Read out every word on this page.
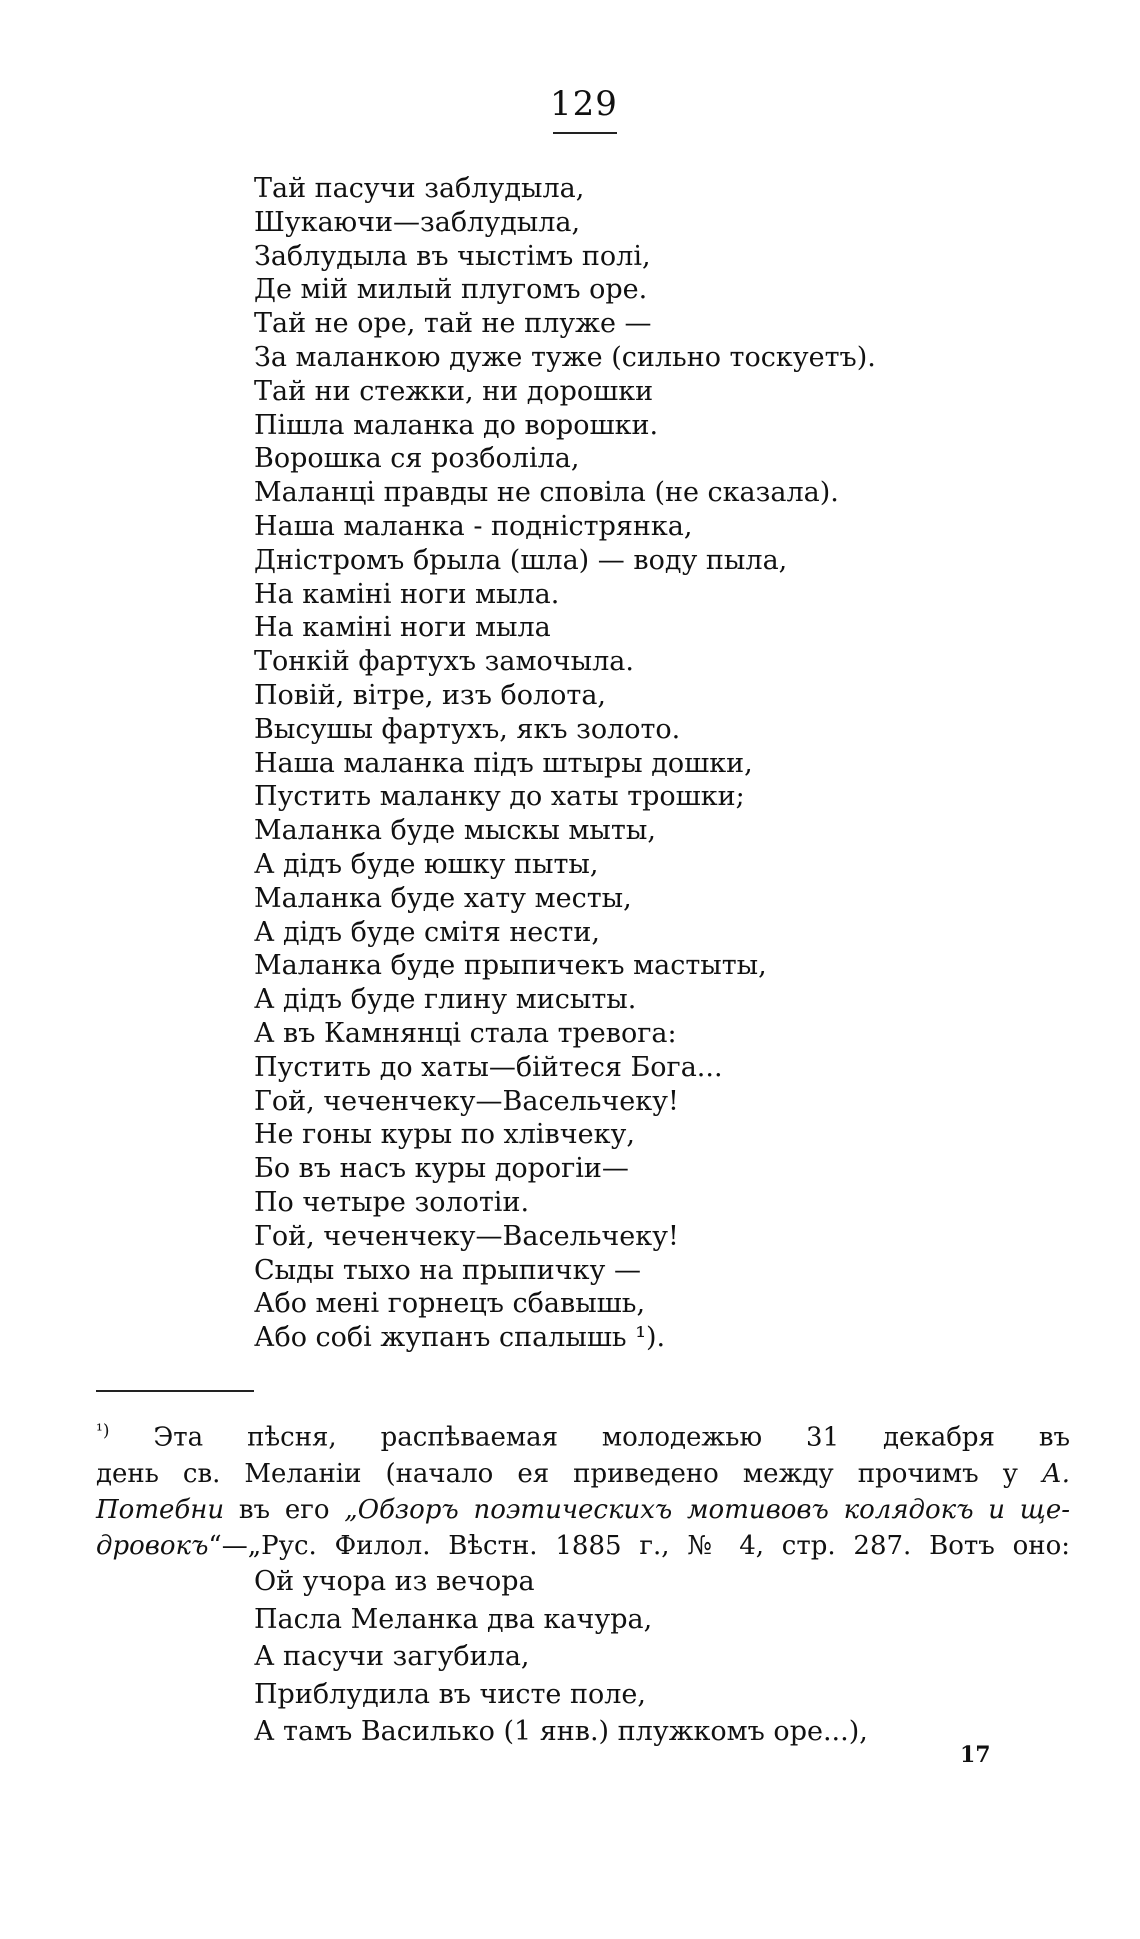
129
Тай пасучи заблудыла,
Шукаючи—заблудыла,
Заблудыла въ чыстімъ полі,
Де мій милый плугомъ оре.
Тай не оре, тай не плуже —
За маланкою дуже туже (сильно тоскуетъ).
Тай ни стежки, ни дорошки
Пішла маланка до ворошки.
Ворошка ся розболіла,
Маланці правды не сповіла (не сказала).
Наша маланка - поднiстрянка,
Дністромъ брыла (шла) — воду пыла,
На камінi ноги мыла.
На камінi ноги мыла
Тонкій фартухъ замочыла.
Повій, вітрe, изъ болота,
Высушы фартухъ, якъ золото.
Наша маланка підъ штыры дошки,
Пустить маланку до хаты трошки;
Маланка буде мыскы мыты,
А дідъ буде юшку пыты,
Маланка буде хату месты,
А дідъ буде смiтя нести,
Маланка буде прыпичекъ мастыты,
А дідъ буде глину мисыты.
А въ Камнянці стала тревога:
Пустить до хаты—бійтеся Бога...
Гой, чеченчеку—Васельчеку!
Не гоны куры по хлівчеку,
Бо въ насъ куры дорогiи—
По четыре золотіи.
Гой, чеченчеку—Васельчеку!
Сыды тыхо на прыпичку —
Або мені горнецъ сбавышь,
Або собі жупанъ спалышь ¹).
$^{^1)}$ Эта пѣсня, распѣваемая молодежью 31 декабря въ
день св. Меланiи (начало ея приведено между прочимъ у А.
Потебни въ его „Обзоръ поэтическихъ мотивовъ колядокъ и ще-
дровокъ“—„Рус. Филол. Вѣстн. 1885 г., № 4, стр. 287. Вотъ оно:
Ой учора из вечора
Пасла Меланка два качура,
А пасучи загубила,
Приблудила въ чисте поле,
А тамъ Василько (1 янв.) плужкомъ оре...),
17
